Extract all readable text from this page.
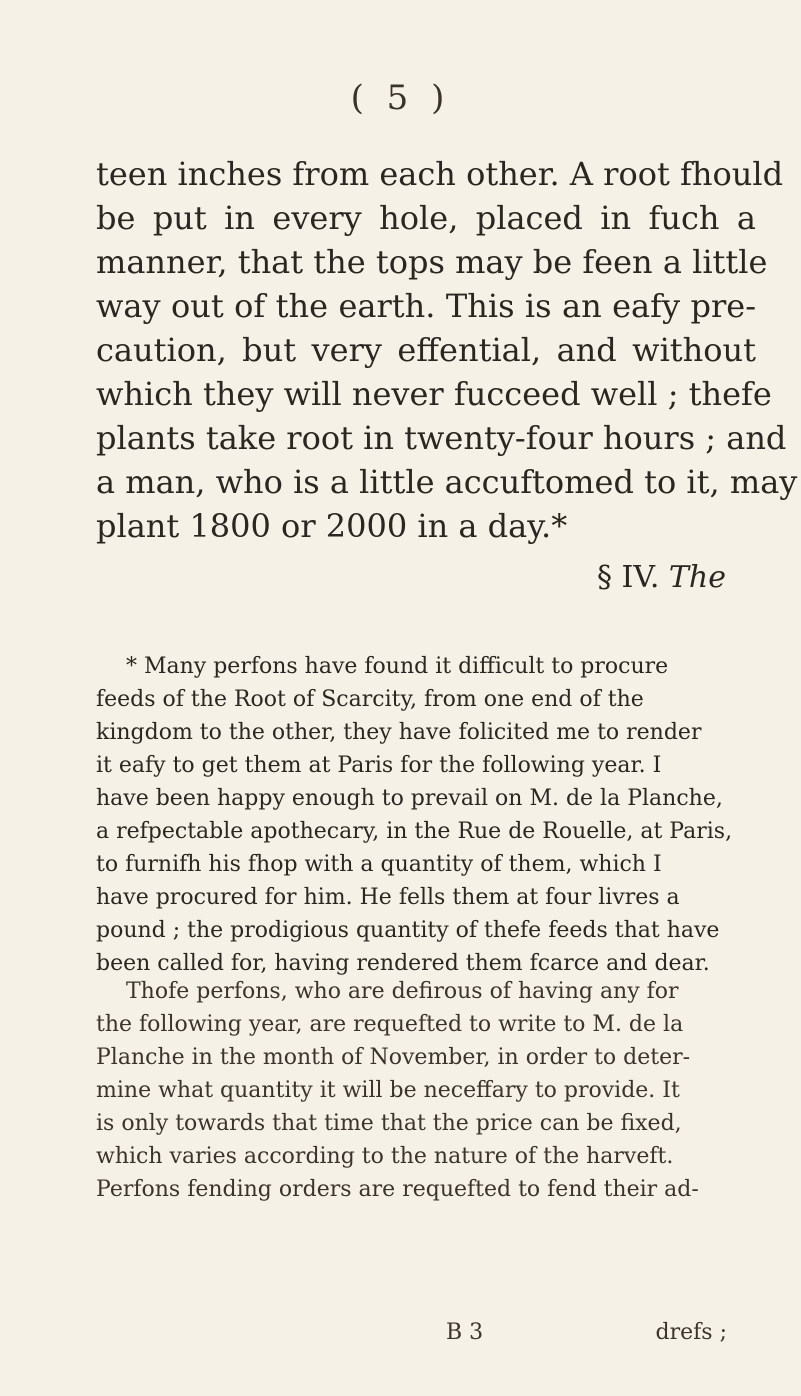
( 5 )
teen inches from each other. A root fhould
be put in every hole, placed in fuch a
manner, that the tops may be feen a little
way out of the earth. This is an eafy pre-
caution, but very effential, and without
which they will never fucceed well ; thefe
plants take root in twenty-four hours ; and
a man, who is a little accuftomed to it, may
plant 1800 or 2000 in a day.*
§ IV. The
* Many perfons have found it difficult to procure
feeds of the Root of Scarcity, from one end of the
kingdom to the other, they have folicited me to render
it eafy to get them at Paris for the following year. I
have been happy enough to prevail on M. de la Planche,
a refpectable apothecary, in the Rue de Rouelle, at Paris,
to furnifh his fhop with a quantity of them, which I
have procured for him. He fells them at four livres a
pound ; the prodigious quantity of thefe feeds that have
been called for, having rendered them fcarce and dear.
Thofe perfons, who are defirous of having any for
the following year, are requefted to write to M. de la
Planche in the month of November, in order to deter-
mine what quantity it will be neceffary to provide. It
is only towards that time that the price can be fixed,
which varies according to the nature of the harveft.
Perfons fending orders are requefted to fend their ad-
B 3	drefs ;
